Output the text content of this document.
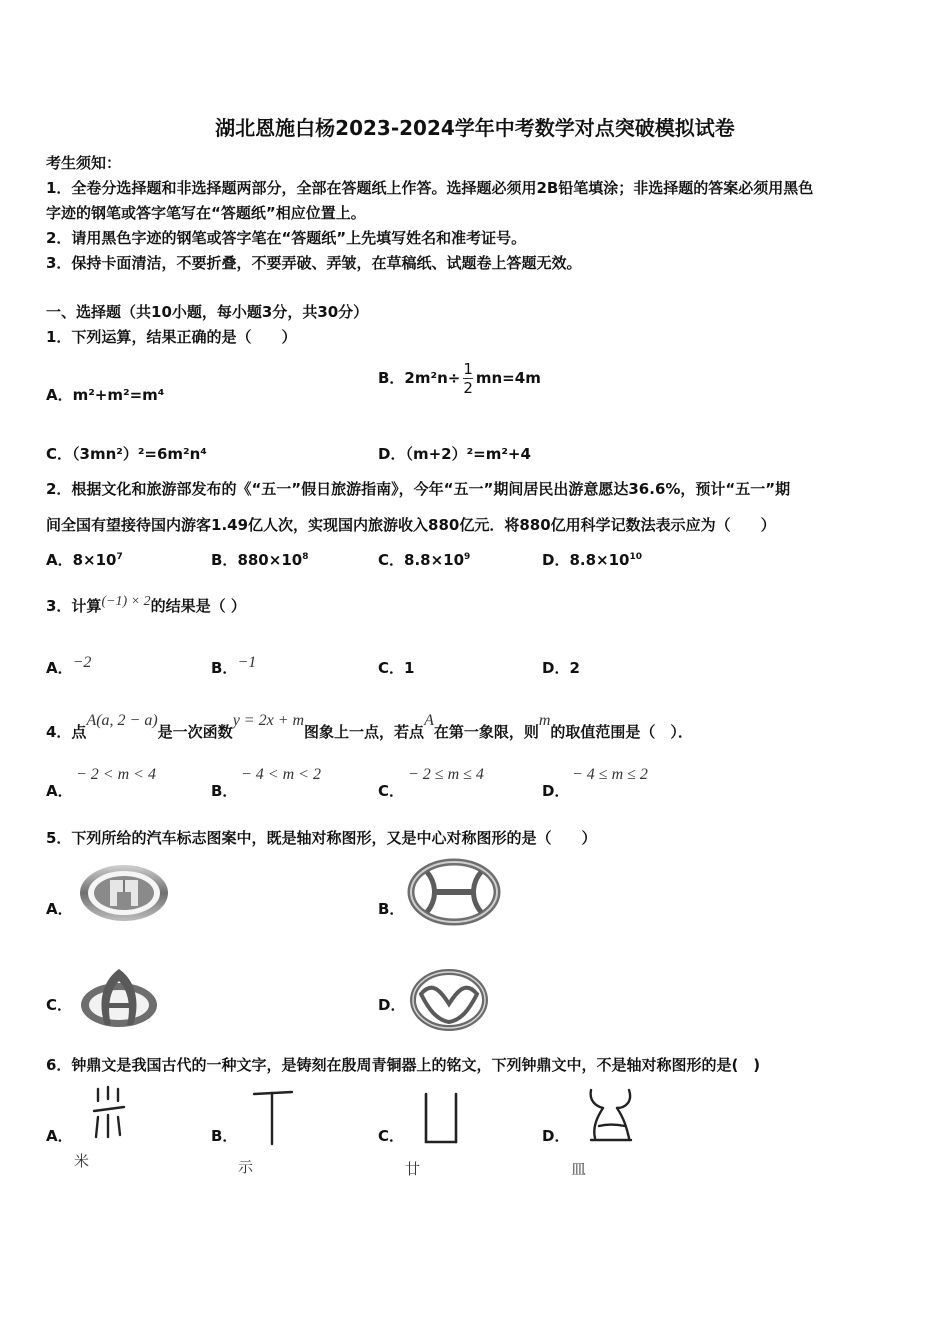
湖北恩施白杨2023-2024学年中考数学对点突破模拟试卷
考生须知：
1．全卷分选择题和非选择题两部分，全部在答题纸上作答。选择题必须用2B铅笔填涂；非选择题的答案必须用黑色
字迹的钢笔或答字笔写在“答题纸”相应位置上。
2．请用黑色字迹的钢笔或答字笔在“答题纸”上先填写姓名和准考证号。
3．保持卡面清洁，不要折叠，不要弄破、弄皱，在草稿纸、试题卷上答题无效。
一、选择题（共10小题，每小题3分，共30分）
1．下列运算，结果正确的是（　　）
A．m²+m²=m⁴
B．$2m^2n\div \frac{1}{2} mn=4m$
C．（3mn²）²=6m²n⁴	D．（m+2）²=m²+4
2．根据文化和旅游部发布的《“五一”假日旅游指南》，今年“五一”期间居民出游意愿达36.6%，预计“五一”期
间全国有望接待国内游客1.49亿人次，实现国内旅游收入880亿元．将880亿用科学记数法表示应为（　　）
A．$8\times 10^7$	B．$880\times 10^8$	C．$8.8\times 10^9$	D．$8.8\times 10^{10}$
3．计算(−1) × 2的结果是（ ）
A．−2	B．−1	C．1	D．2
4．点A(a, 2 − a)是一次函数y = 2x + m图象上一点，若点A在第一象限，则m的取值范围是（　）．
A．
− 2 < m < 4
B．
− 4 < m < 2
C．
− 2 ≤ m ≤ 4
D．
− 4 ≤ m ≤ 2
5．下列所给的汽车标志图案中，既是轴对称图形，又是中心对称图形的是（　　）
A．	B．
C．	D．
6．钟鼎文是我国古代的一种文字，是铸刻在殷周青铜器上的铭文，下列钟鼎文中，不是轴对称图形的是(　)
A．
米
B．
示
C．
廿
D．
皿
